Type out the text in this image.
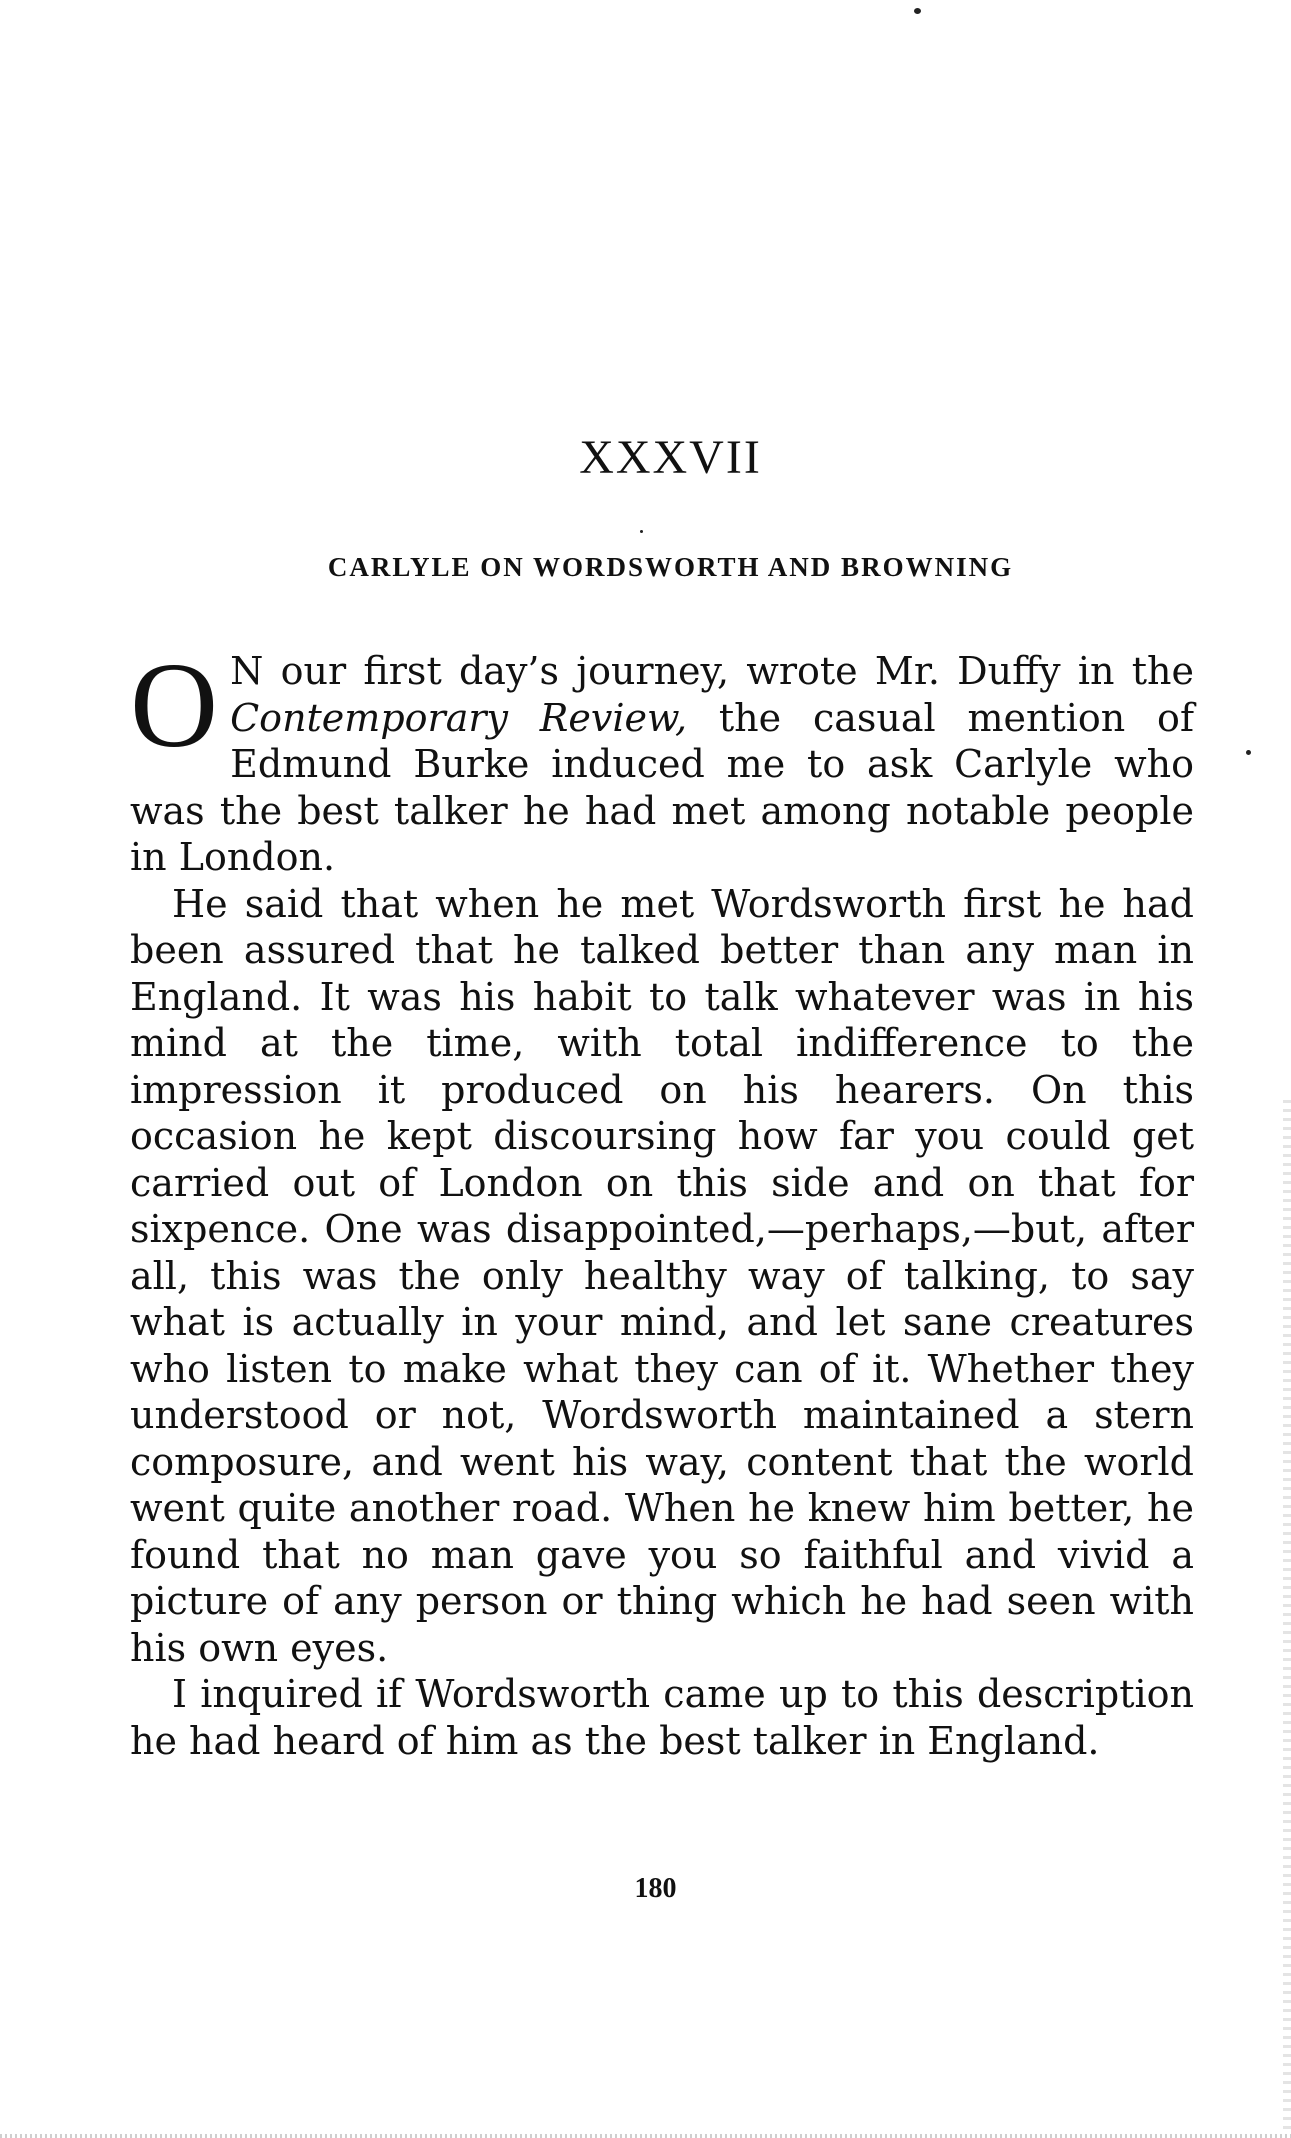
XXXVII
CARLYLE ON WORDSWORTH AND BROWNING

O N our first day’s journey, wrote Mr. Duffy in the Contemporary Review, the casual mention of Edmund Burke induced me to ask Carlyle who was the best talker he had met among notable people in London.

He said that when he met Wordsworth first he had been assured that he talked better than any man in England. It was his habit to talk whatever was in his mind at the time, with total indifference to the impression it produced on his hearers. On this occasion he kept discoursing how far you could get carried out of London on this side and on that for sixpence. One was disappointed,—perhaps,—but, after all, this was the only healthy way of talking, to say what is actually in your mind, and let sane creatures who listen to make what they can of it. Whether they understood or not, Wordsworth maintained a stern composure, and went his way, content that the world went quite another road. When he knew him better, he found that no man gave you so faithful and vivid a picture of any person or thing which he had seen with his own eyes.

I inquired if Wordsworth came up to this description he had heard of him as the best talker in England.

180
